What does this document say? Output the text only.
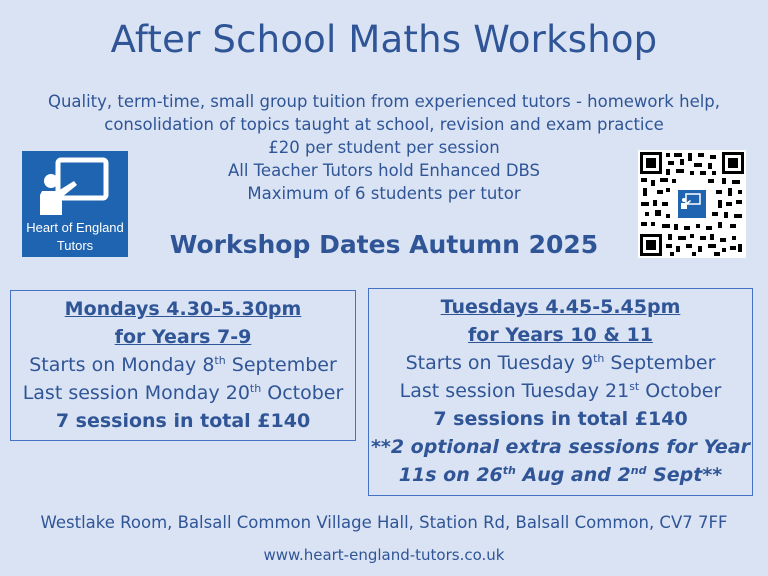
After School Maths Workshop
Quality, term-time, small group tuition from experienced tutors - homework help,
consolidation of topics taught at school, revision and exam practice
£20 per student per session
All Teacher Tutors hold Enhanced DBS
Maximum of 6 students per tutor
Heart of England
Tutors	Workshop Dates Autumn 2025
Mondays 4.30-5.30pm
for Years 7-9
Starts on Monday 8th September
Last session Monday 20th October
7 sessions in total £140
Tuesdays 4.45-5.45pm
for Years 10 & 11
Starts on Tuesday 9th September
Last session Tuesday 21st October
7 sessions in total £140
**2 optional extra sessions for Year
11s on 26th Aug and 2nd Sept**
Westlake Room, Balsall Common Village Hall, Station Rd, Balsall Common, CV7 7FF
www.heart-england-tutors.co.uk
